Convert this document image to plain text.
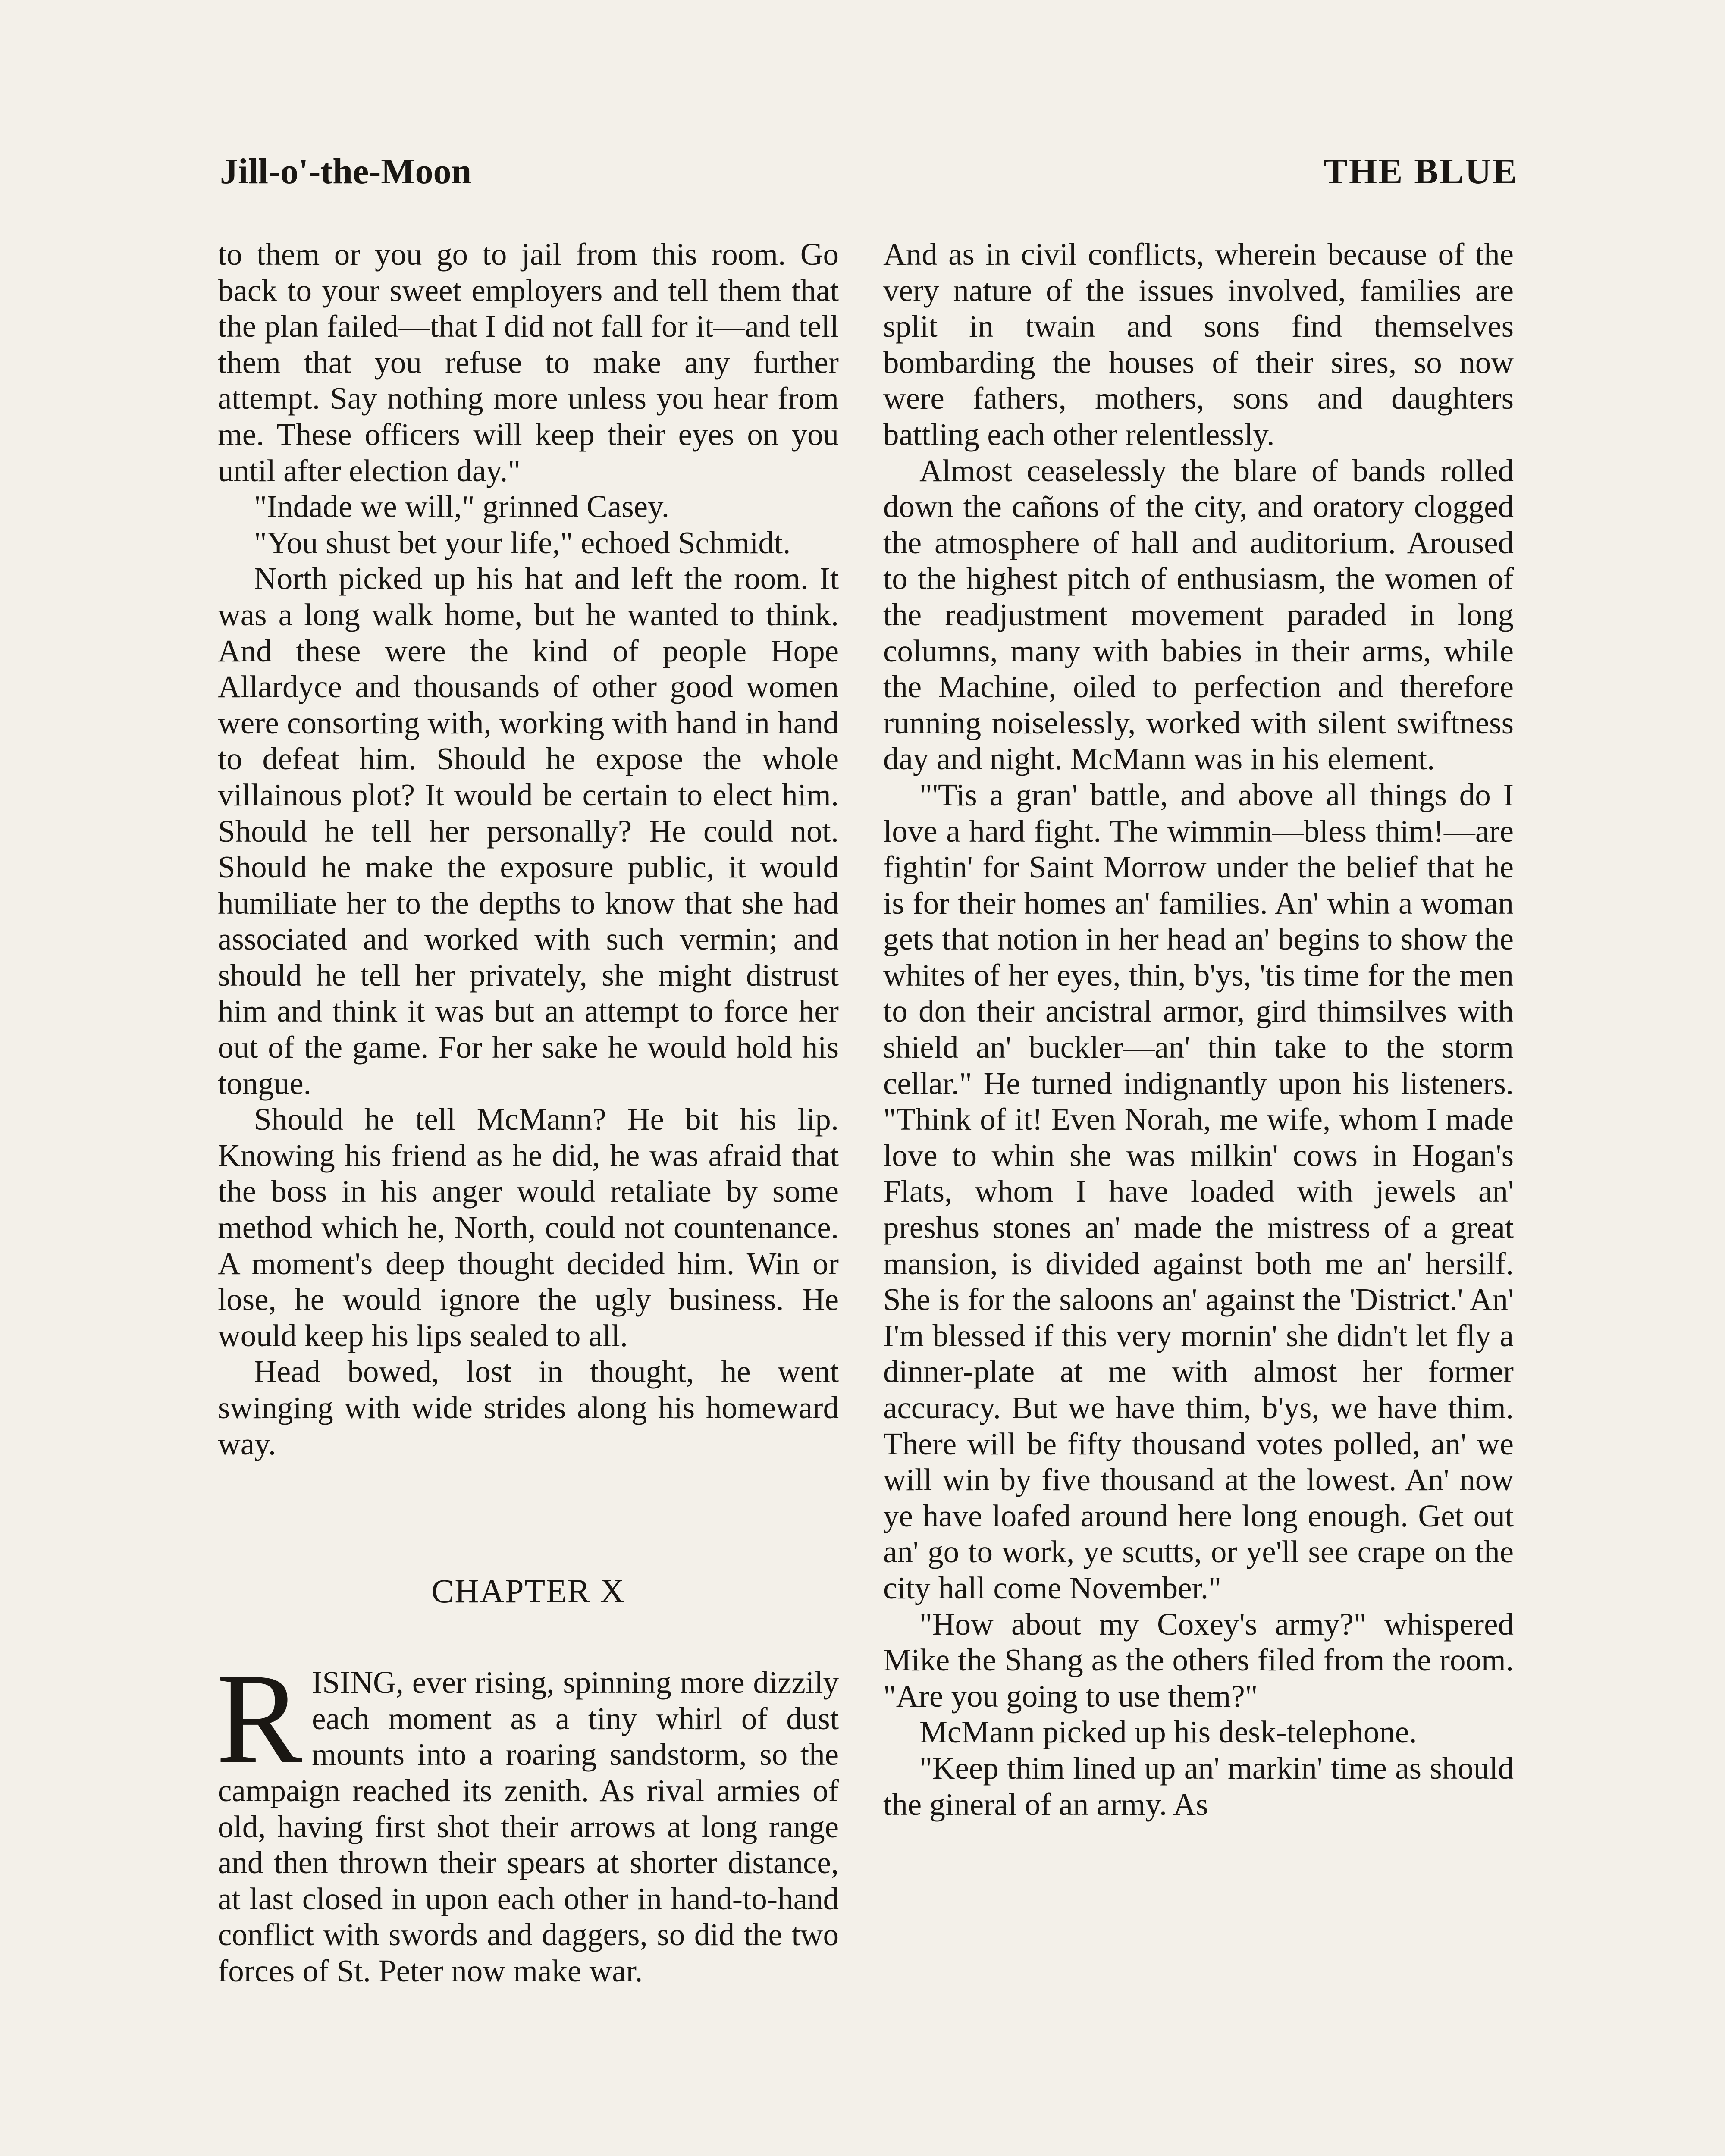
Jill-o'-the-Moon	THE BLUE

to them or you go to jail from this room. Go back to your sweet employers and tell them that the plan failed—that I did not fall for it—and tell them that you refuse to make any further attempt. Say nothing more unless you hear from me. These officers will keep their eyes on you until after election day."

"Indade we will," grinned Casey.

"You shust bet your life," echoed Schmidt.

North picked up his hat and left the room. It was a long walk home, but he wanted to think. And these were the kind of people Hope Allardyce and thousands of other good women were consorting with, working with hand in hand to defeat him. Should he expose the whole villainous plot? It would be certain to elect him. Should he tell her personally? He could not. Should he make the exposure public, it would humiliate her to the depths to know that she had associated and worked with such vermin; and should he tell her privately, she might distrust him and think it was but an attempt to force her out of the game. For her sake he would hold his tongue.

Should he tell McMann? He bit his lip. Knowing his friend as he did, he was afraid that the boss in his anger would retaliate by some method which he, North, could not countenance. A moment's deep thought decided him. Win or lose, he would ignore the ugly business. He would keep his lips sealed to all.

Head bowed, lost in thought, he went swinging with wide strides along his homeward way.

CHAPTER X
R ISING, ever rising, spinning more dizzily each moment as a tiny whirl of dust mounts into a roaring sandstorm, so the campaign reached its zenith. As rival armies of old, having first shot their arrows at long range and then thrown their spears at shorter distance, at last closed in upon each other in hand-to-hand conflict with swords and daggers, so did the two forces of St. Peter now make war.

And as in civil conflicts, wherein because of the very nature of the issues involved, families are split in twain and sons find themselves bombarding the houses of their sires, so now were fathers, mothers, sons and daughters battling each other relentlessly.

Almost ceaselessly the blare of bands rolled down the cañons of the city, and oratory clogged the atmosphere of hall and auditorium. Aroused to the highest pitch of enthusiasm, the women of the readjustment movement paraded in long columns, many with babies in their arms, while the Machine, oiled to perfection and therefore running noiselessly, worked with silent swiftness day and night. McMann was in his element.

"'Tis a gran' battle, and above all things do I love a hard fight. The wimmin—bless thim!—are fightin' for Saint Morrow under the belief that he is for their homes an' families. An' whin a woman gets that notion in her head an' begins to show the whites of her eyes, thin, b'ys, 'tis time for the men to don their ancistral armor, gird thimsilves with shield an' buckler—an' thin take to the storm cellar." He turned indignantly upon his listeners. "Think of it! Even Norah, me wife, whom I made love to whin she was milkin' cows in Hogan's Flats, whom I have loaded with jewels an' preshus stones an' made the mistress of a great mansion, is divided against both me an' hersilf. She is for the saloons an' against the 'District.' An' I'm blessed if this very mornin' she didn't let fly a dinner-plate at me with almost her former accuracy. But we have thim, b'ys, we have thim. There will be fifty thousand votes polled, an' we will win by five thousand at the lowest. An' now ye have loafed around here long enough. Get out an' go to work, ye scutts, or ye'll see crape on the city hall come November."

"How about my Coxey's army?" whispered Mike the Shang as the others filed from the room. "Are you going to use them?"

McMann picked up his desk-telephone.

"Keep thim lined up an' markin' time as should the gineral of an army. As
